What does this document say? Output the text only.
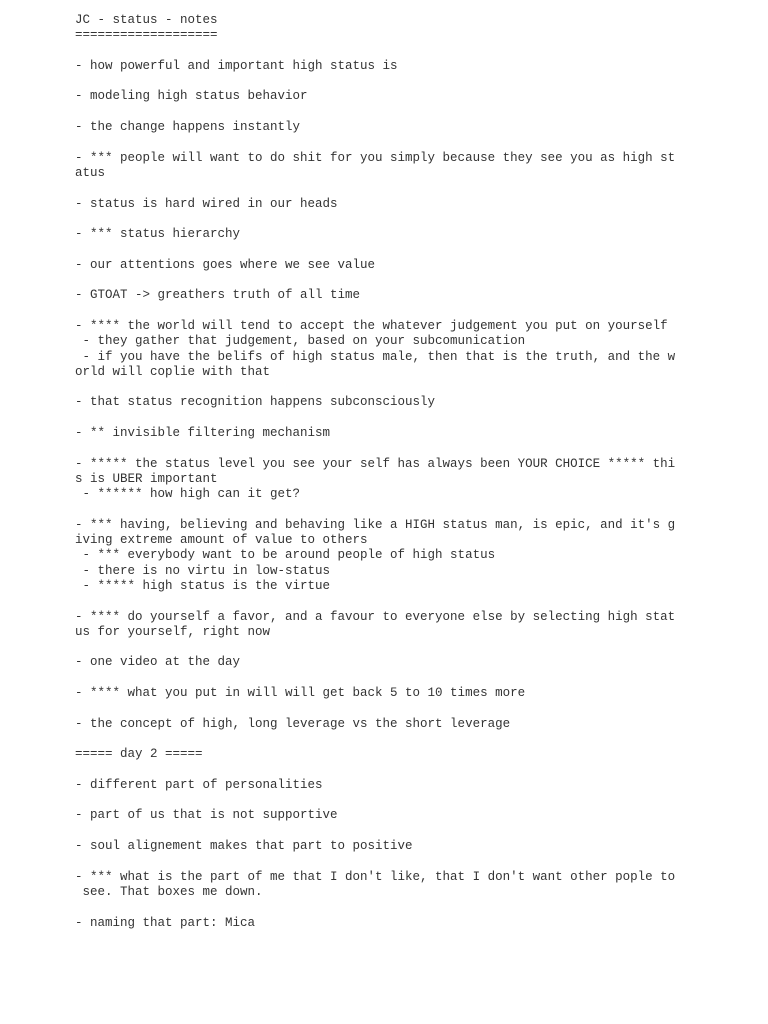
JC - status - notes
===================

- how powerful and important high status is

- modeling high status behavior

- the change happens instantly

- *** people will want to do shit for you simply because they see you as high st
atus

- status is hard wired in our heads

- *** status hierarchy

- our attentions goes where we see value

- GTOAT -> greathers truth of all time

- **** the world will tend to accept the whatever judgement you put on yourself
- they gather that judgement, based on your subcomunication
- if you have the belifs of high status male, then that is the truth, and the w
orld will coplie with that

- that status recognition happens subconsciously

- ** invisible filtering mechanism

- ***** the status level you see your self has always been YOUR CHOICE ***** thi
s is UBER important
- ****** how high can it get?

- *** having, believing and behaving like a HIGH status man, is epic, and it's g
iving extreme amount of value to others
- *** everybody want to be around people of high status
- there is no virtu in low-status
- ***** high status is the virtue

- **** do yourself a favor, and a favour to everyone else by selecting high stat
us for yourself, right now

- one video at the day

- **** what you put in will will get back 5 to 10 times more

- the concept of high, long leverage vs the short leverage

===== day 2 =====

- different part of personalities

- part of us that is not supportive

- soul alignement makes that part to positive

- *** what is the part of me that I don't like, that I don't want other pople to
see. That boxes me down.

- naming that part: Mica
